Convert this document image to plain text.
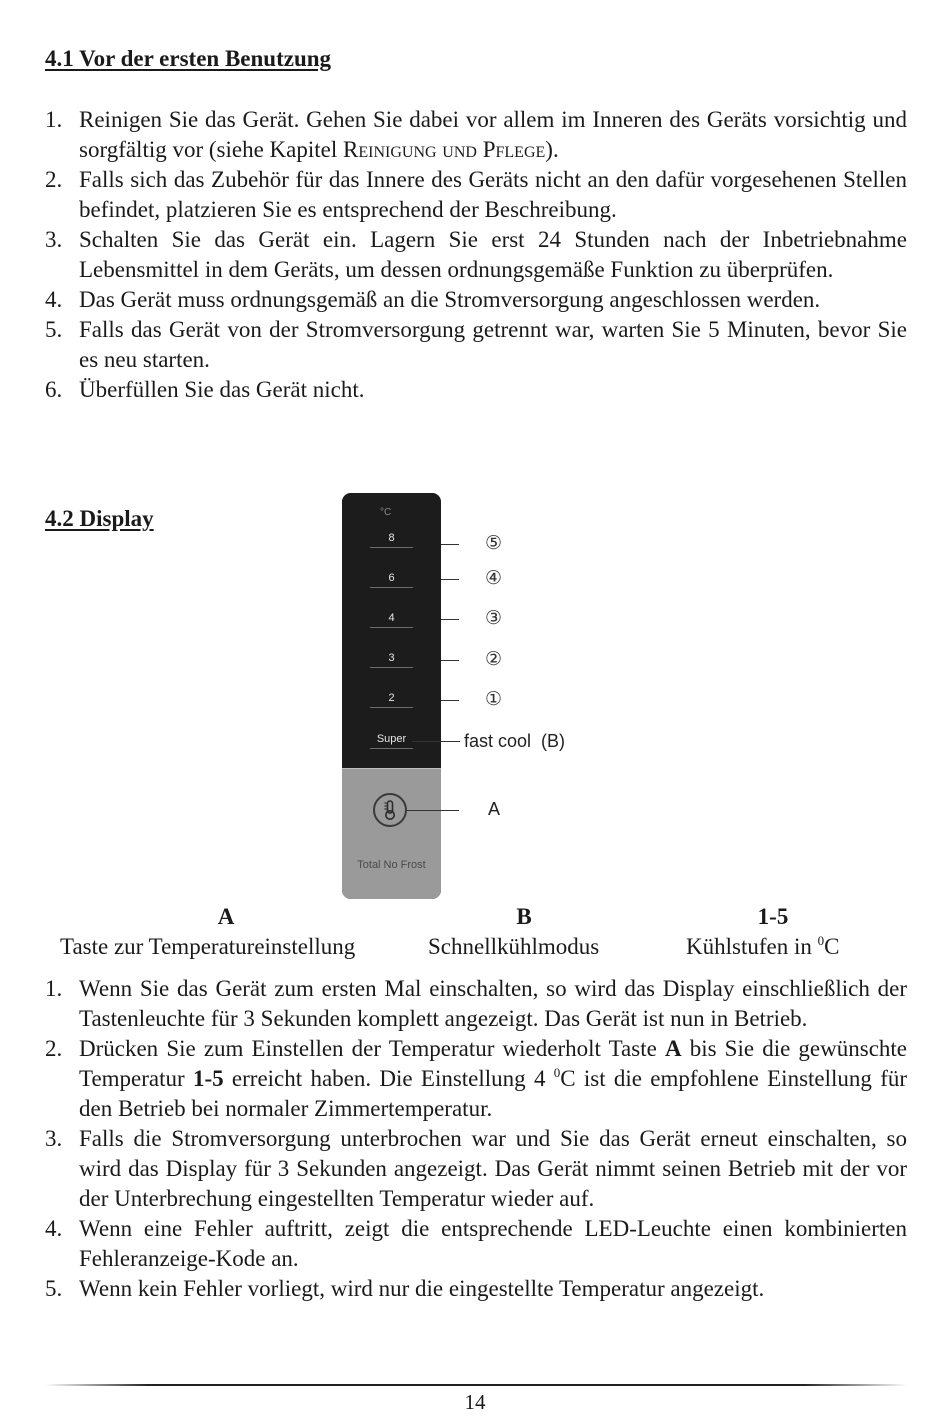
4.1 Vor der ersten Benutzung
1. Reinigen Sie das Gerät. Gehen Sie dabei vor allem im Inneren des Geräts vorsichtig und sorgfältig vor (siehe Kapitel Reinigung und Pflege).
2. Falls sich das Zubehör für das Innere des Geräts nicht an den dafür vorgesehenen Stellen befindet, platzieren Sie es entsprechend der Beschreibung.
3. Schalten Sie das Gerät ein. Lagern Sie erst 24 Stunden nach der Inbetriebnahme Lebensmittel in dem Geräts, um dessen ordnungsgemäße Funktion zu überprüfen.
4. Das Gerät muss ordnungsgemäß an die Stromversorgung angeschlossen werden.
5. Falls das Gerät von der Stromversorgung getrennt war, warten Sie 5 Minuten, bevor Sie es neu starten.
6. Überfüllen Sie das Gerät nicht.
4.2 Display	°C
8
6
4
3
2
Super
Total No Frost
⑤
④
③
②
①
fast cool  (B)
A
A
Taste zur Temperatureinstellung
B
Schnellkühlmodus
1-5
Kühlstufen in $^0$C
1. Wenn Sie das Gerät zum ersten Mal einschalten, so wird das Display einschließlich der Tastenleuchte für 3 Sekunden komplett angezeigt. Das Gerät ist nun in Betrieb.
2. Drücken Sie zum Einstellen der Temperatur wiederholt Taste A bis Sie die gewünschte Temperatur 1-5 erreicht haben. Die Einstellung 4 $^0$C ist die empfohlene Einstellung für den Betrieb bei normaler Zimmertemperatur.
3. Falls die Stromversorgung unterbrochen war und Sie das Gerät erneut einschalten, so wird das Display für 3 Sekunden angezeigt. Das Gerät nimmt seinen Betrieb mit der vor der Unterbrechung eingestellten Temperatur wieder auf.
4. Wenn eine Fehler auftritt, zeigt die entsprechende LED-Leuchte einen kombinierten Fehleranzeige-Kode an.
5. Wenn kein Fehler vorliegt, wird nur die eingestellte Temperatur angezeigt.
14
